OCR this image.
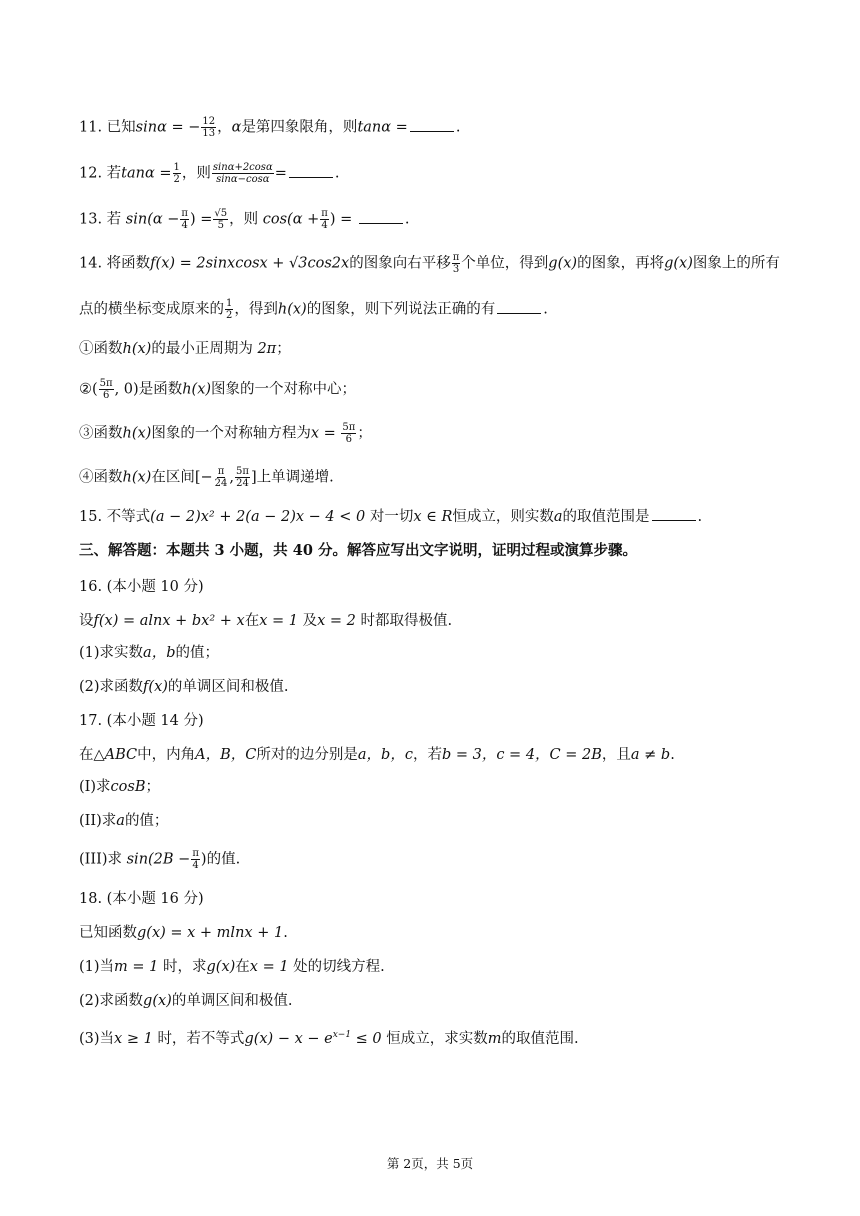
11. 已知sinα = − $\frac{12}{13}$ ，α是第四象限角，则tanα =	.
12. 若$\tan\alpha = \frac{1}{2}$ ，则 $\frac{\sin\alpha+2\cos\alpha}{\sin\alpha-\cos\alpha}$ =	.
13. 若 $\sin(\alpha - \frac{\pi}{4}$ ) = $\frac{√5}{5}$ ，则 $\cos(\alpha + \frac{\pi}{4}$ ) =	.
14. 将函数f(x) = 2sinxcosx + √3cos2x的图象向右平移 $\frac{\pi}{3}$ 个单位，得到g(x)的图象，再将g(x)图象上的所有
点的横坐标变成原来的 $\frac{1}{2}$ ，得到h(x)的图象，则下列说法正确的有	.
①函数h(x)的最小正周期为 2π；
②( $\frac{5\pi}{6}$ , 0)是函数h(x)图象的一个对称中心；
③函数h(x)图象的一个对称轴方程为$x = \frac{5\pi}{6}$ ；
④函数h(x)在区间[− $\frac{\pi}{24}$ , $\frac{5\pi}{24}$ ]上单调递增.
15. 不等式(a − 2)x² + 2(a − 2)x − 4 < 0 对一切x ∈ R恒成立，则实数a的取值范围是	.
三、解答题：本题共 3 小题，共 40 分。解答应写出文字说明，证明过程或演算步骤。
16. (本小题 10 分)
设f(x) = alnx + bx² + x在x = 1 及x = 2 时都取得极值.
(1)求实数a，b的值；
(2)求函数f(x)的单调区间和极值.
17. (本小题 14 分)
在△ABC中，内角A，B，C所对的边分别是a，b，c，若b = 3，c = 4，C = 2B，且a ≠ b.
(I)求cosB；
(II)求a的值；
(III)求 $\sin(2B - \frac{\pi}{4}$ )的值.
18. (本小题 16 分)
已知函数g(x) = x + mlnx + 1.
(1)当m = 1 时，求g(x)在x = 1 处的切线方程.
(2)求函数g(x)的单调区间和极值.
(3)当x ≥ 1 时，若不等式$g(x) - x - e^{x-1} \le 0$ 恒成立，求实数m的取值范围.
第 2页，共 5页
